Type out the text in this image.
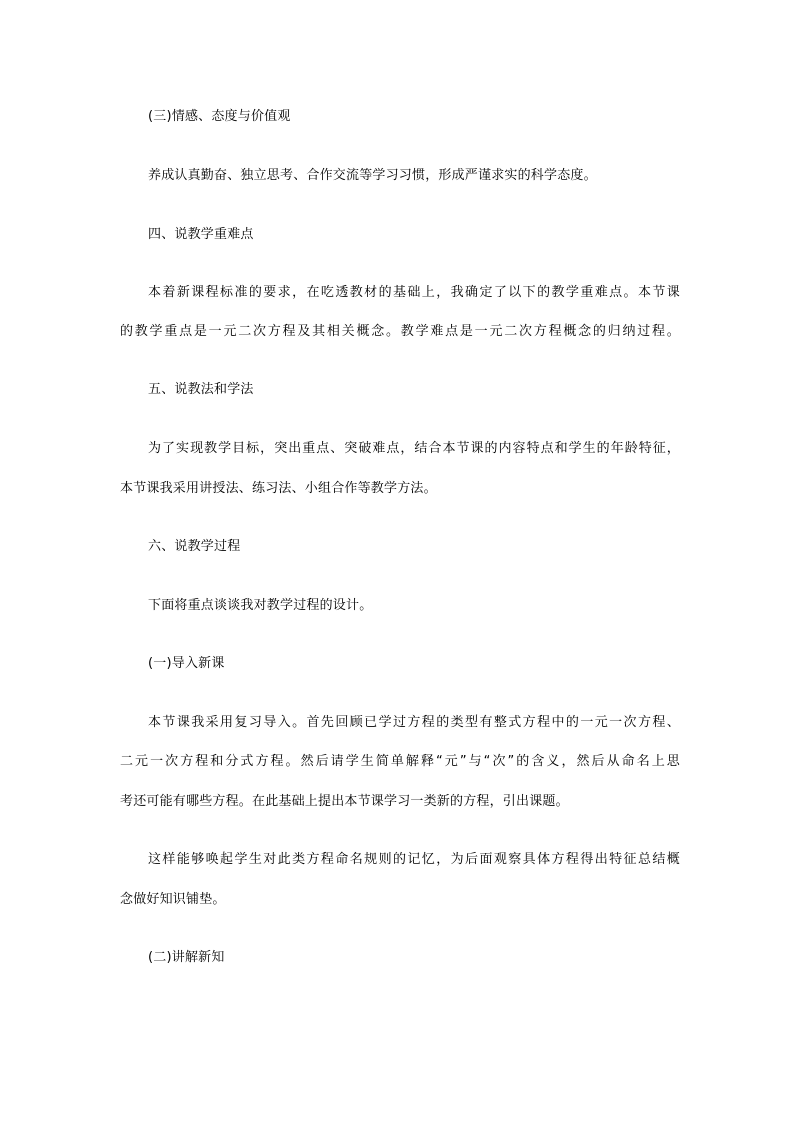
(三)情感、态度与价值观
养成认真勤奋、独立思考、合作交流等学习习惯，形成严谨求实的科学态度。
四、说教学重难点
本着新课程标准的要求，在吃透教材的基础上，我确定了以下的教学重难点。本节课
的教学重点是一元二次方程及其相关概念。教学难点是一元二次方程概念的归纳过程。
五、说教法和学法
为了实现教学目标，突出重点、突破难点，结合本节课的内容特点和学生的年龄特征，
本节课我采用讲授法、练习法、小组合作等教学方法。
六、说教学过程
下面将重点谈谈我对教学过程的设计。
(一)导入新课
本节课我采用复习导入。首先回顾已学过方程的类型有整式方程中的一元一次方程、
二元一次方程和分式方程。然后请学生简单解释“元”与“次”的含义，然后从命名上思
考还可能有哪些方程。在此基础上提出本节课学习一类新的方程，引出课题。
这样能够唤起学生对此类方程命名规则的记忆，为后面观察具体方程得出特征总结概
念做好知识铺垫。
(二)讲解新知
